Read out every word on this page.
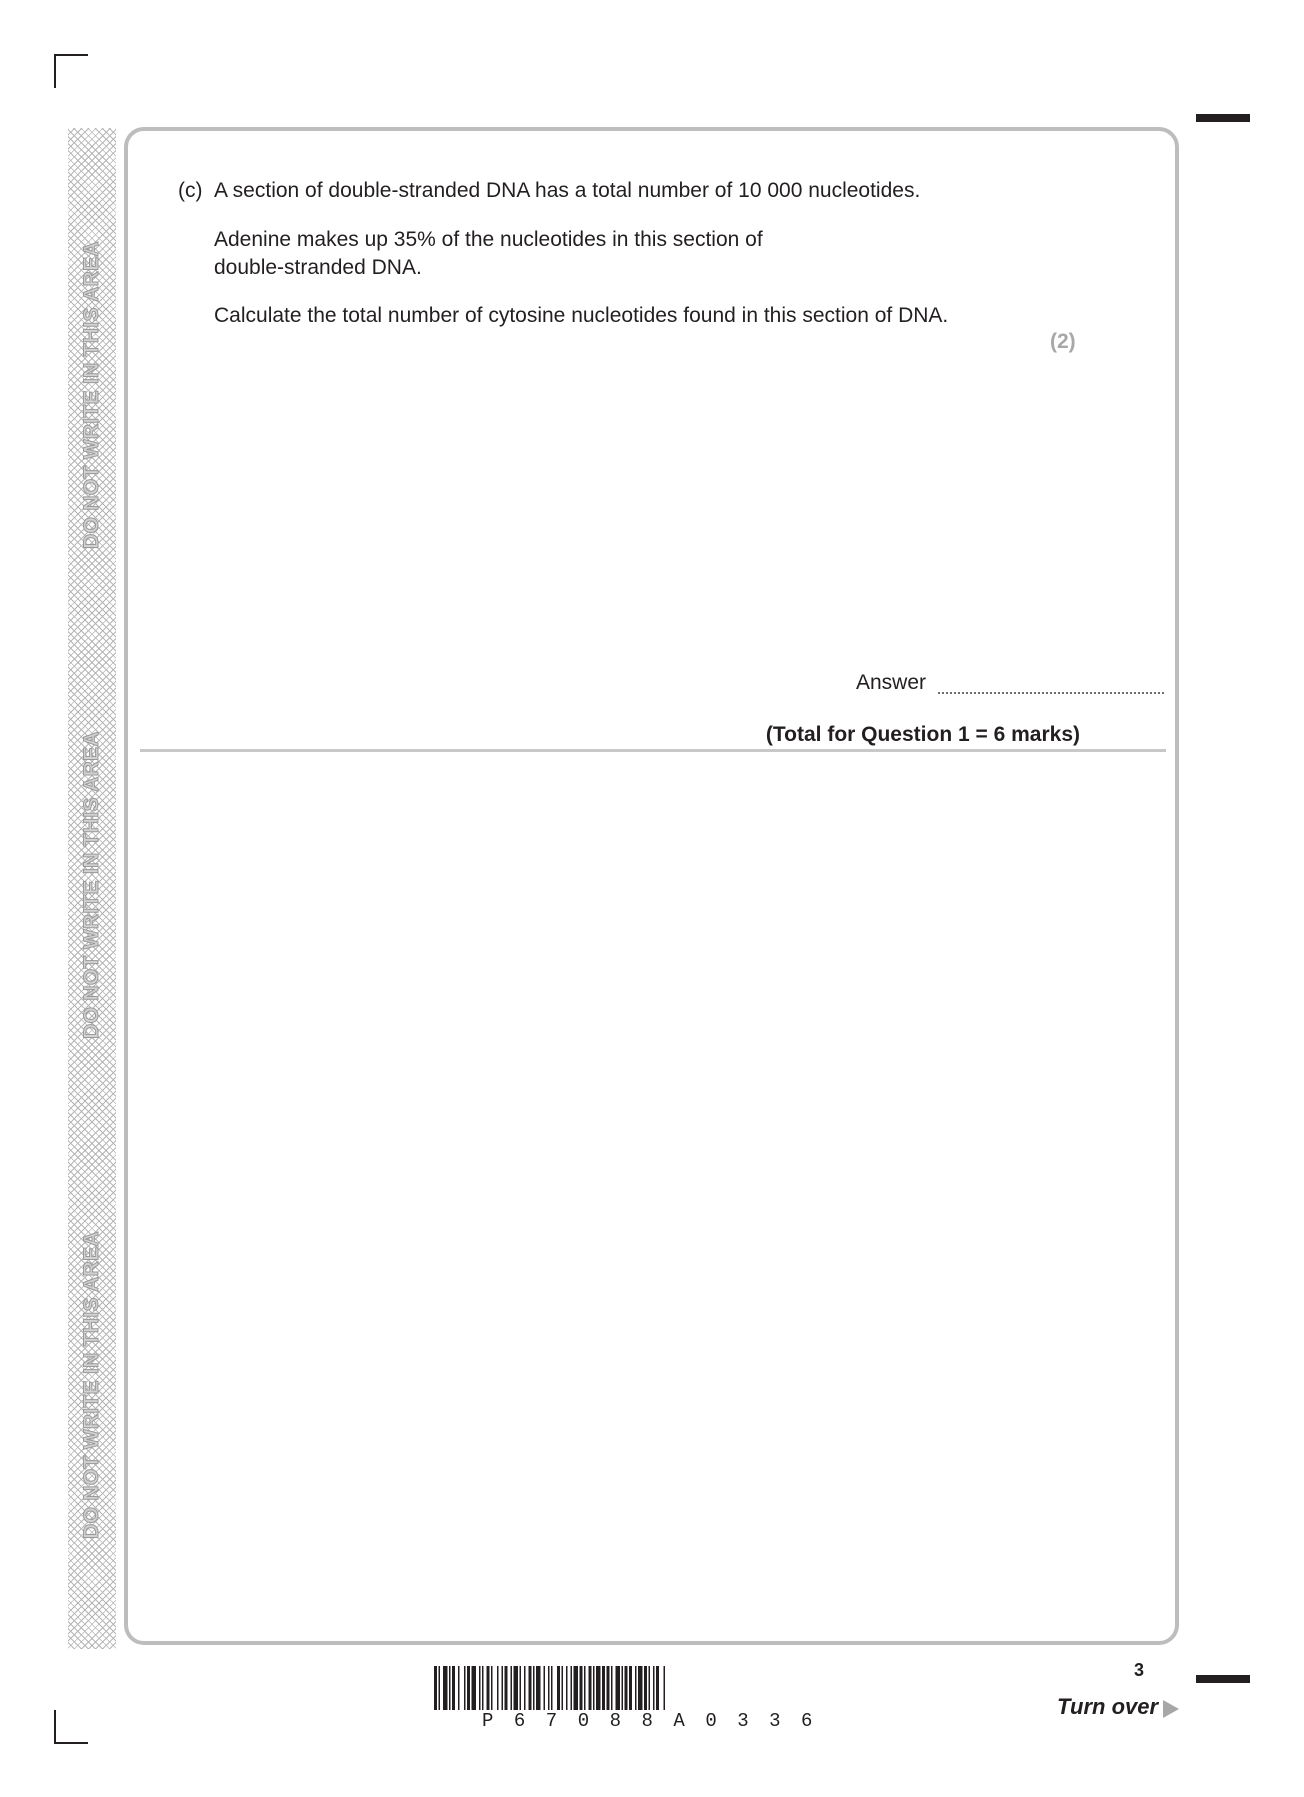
DO NOT WRITE IN THIS AREA
DO NOT WRITE IN THIS AREA
DO NOT WRITE IN THIS AREA
(c) A section of double-stranded DNA has a total number of 10 000 nucleotides.
Adenine makes up 35% of the nucleotides in this section of
double-stranded DNA.
Calculate the total number of cytosine nucleotides found in this section of DNA.
(2)
Answer
(Total for Question 1 = 6 marks)
P67088A0336
3
Turn over
